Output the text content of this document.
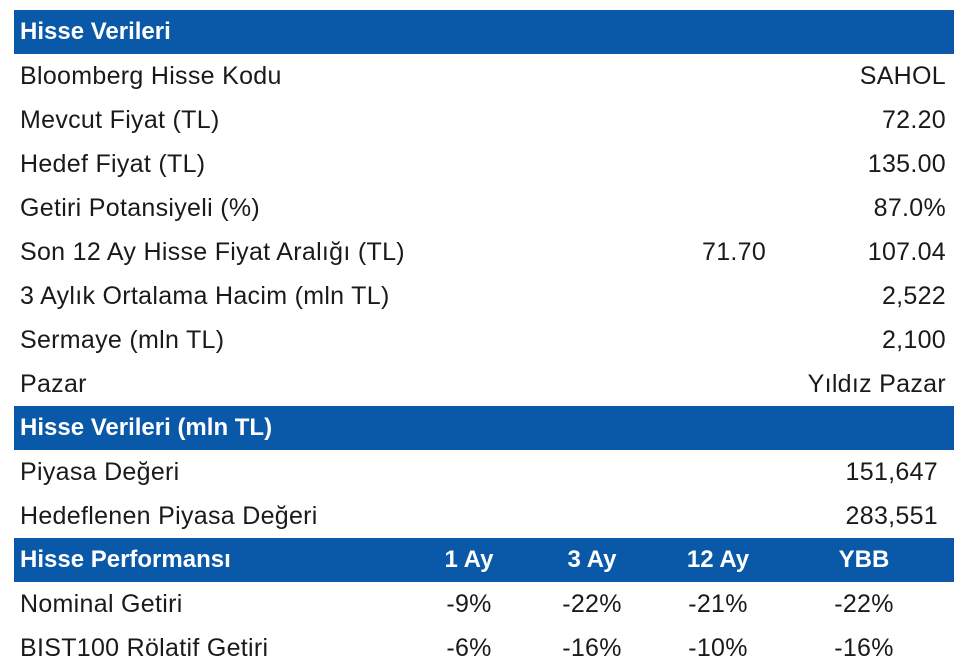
Hisse Verileri
Bloomberg Hisse Kodu	SAHOL
Mevcut Fiyat (TL)	72.20
Hedef Fiyat (TL)	135.00
Getiri Potansiyeli (%)	87.0%
Son 12 Ay Hisse Fiyat Aralığı (TL)	71.70	107.04
3 Aylık Ortalama Hacim (mln TL)	2,522
Sermaye (mln TL)	2,100
Pazar	Yıldız Pazar
Hisse Verileri (mln TL)
Piyasa Değeri	151,647
Hedeflenen Piyasa Değeri	283,551
Hisse Performansı	1 Ay	3 Ay	12 Ay	YBB
Nominal Getiri	-9%	-22%	-21%	-22%
BIST100 Rölatif Getiri	-6%	-16%	-10%	-16%
